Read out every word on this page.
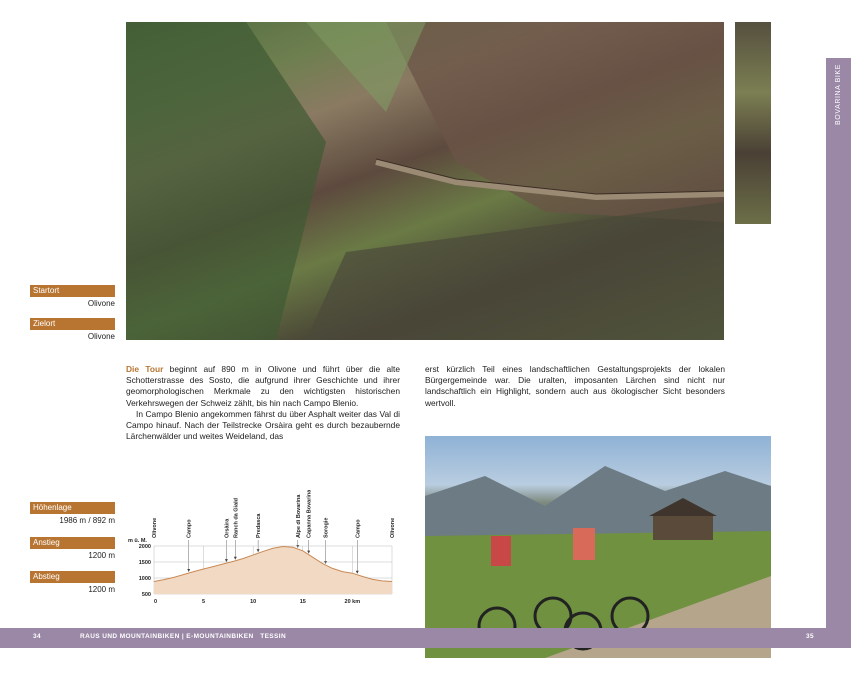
BOVARINA BIKE
Startort
Olivone
Zielort
Olivone
Höhenlage
1986 m / 892 m
Anstieg
1200 m
Abstieg
1200 m

Die Tour beginnt auf 890 m in Olivone und führt über die alte Schotterstrasse des Sosto, die aufgrund ihrer Geschichte und ihrer geomorphologischen Merkmale zu den wichtigsten historischen Verkehrswegen der Schweiz zählt, bis hin nach Campo Blenio.

In Campo Blenio angekommen fährst du über Asphalt weiter das Val di Campo hinauf. Nach der Teilstrecke Orsàira geht es durch bezaubernde Lärchenwälder und weites Weideland, das

erst kürzlich Teil eines landschaftlichen Gestaltungsprojekts der lokalen Bürgergemeinde war. Die uralten, imposanten Lärchen sind nicht nur landschaftlich ein Highlight, sondern auch aus ökologischer Sicht besonders wertvoll.

Olivone	Campo	Orsàira Ranch da Giald	Predasca	Alpe di Bovarina Capanna Bovarina Sorogie	Campo	Olivone
500
1000
1500
2000
0	5	10	15	20 km
m ü. M.
34	RAUS UND MOUNTAINBIKEN | E-MOUNTAINBIKEN TESSIN	35
